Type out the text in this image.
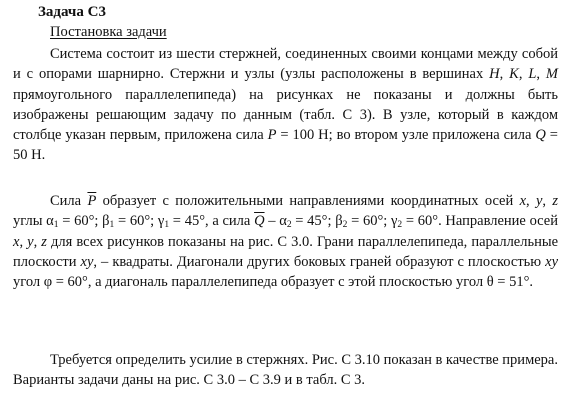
Задача С3
Постановка задачи

Система состоит из шести стержней, соединенных своими концами между собой и с опорами шарнирно. Стержни и узлы (узлы расположены в вершинах H, K, L, M прямоугольного параллелепипеда) на рисунках не показаны и должны быть изображены решающим задачу по данным (табл. С 3). В узле, который в каждом столбце указан первым, приложена сила P = 100 Н; во втором узле приложена сила Q = 50 Н.

Сила $\overline{P}$ образует с положительными направлениями координатных осей x, y, z углы $\alpha_1 = 60^\circ$; $\beta_1 = 60^\circ$; $\gamma_1 = 45^\circ$, а сила $\overline{Q} - \alpha_2 = 45^\circ$; $\beta_2 = 60^\circ$; $\gamma_2 = 60^\circ$. Направление осей x, y, z для всех рисунков показаны на рис. С 3.0. Грани параллелепипеда, параллельные плоскости xy, – квадраты. Диагонали других боковых граней образуют с плоскостью xy угол φ = 60°, а диагональ параллелепипеда образует с этой плоскостью угол θ = 51°.

Требуется определить усилие в стержнях. Рис. С 3.10 показан в качестве примера. Варианты задачи даны на рис. С 3.0 – С 3.9 и в табл. С 3.
